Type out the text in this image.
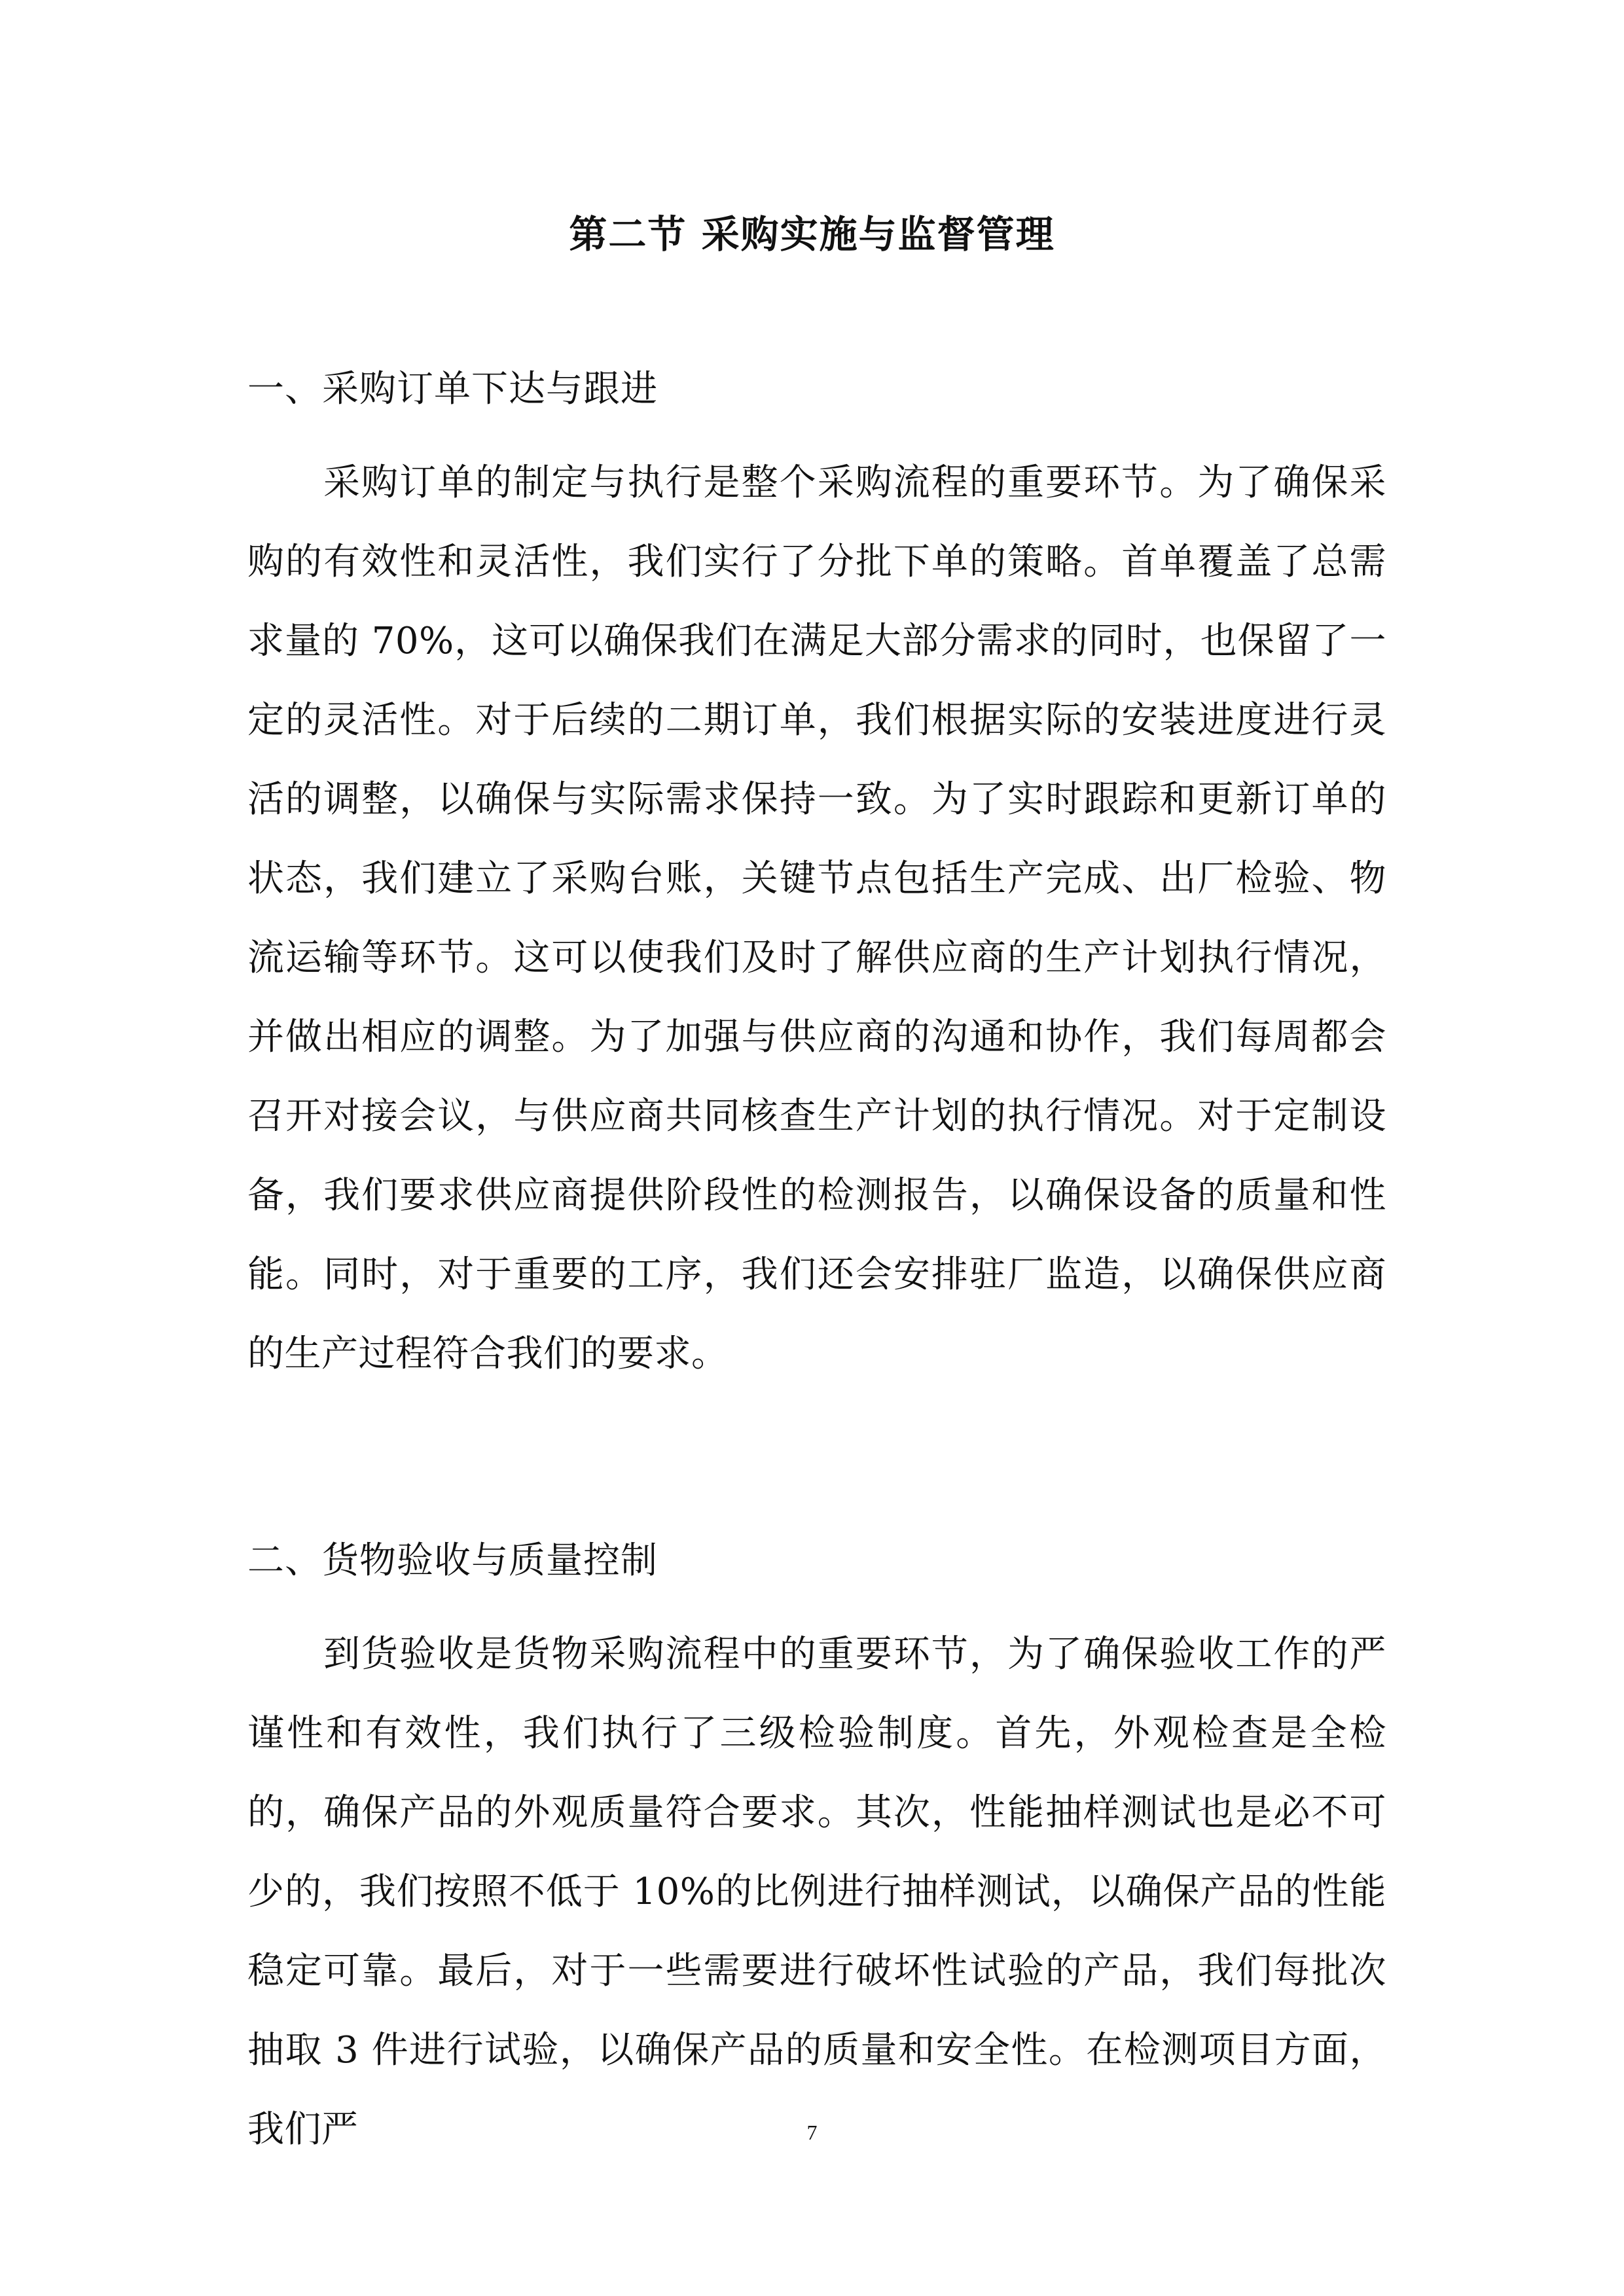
第二节 采购实施与监督管理
一、采购订单下达与跟进

采购订单的制定与执行是整个采购流程的重要环节。为了确保采购的有效性和灵活性，我们实行了分批下单的策略。首单覆盖了总需求量的 70%，这可以确保我们在满足大部分需求的同时，也保留了一定的灵活性。对于后续的二期订单，我们根据实际的安装进度进行灵活的调整，以确保与实际需求保持一致。为了实时跟踪和更新订单的状态，我们建立了采购台账，关键节点包括生产完成、出厂检验、物流运输等环节。这可以使我们及时了解供应商的生产计划执行情况，并做出相应的调整。为了加强与供应商的沟通和协作，我们每周都会召开对接会议，与供应商共同核查生产计划的执行情况。对于定制设备，我们要求供应商提供阶段性的检测报告，以确保设备的质量和性能。同时，对于重要的工序，我们还会安排驻厂监造，以确保供应商的生产过程符合我们的要求。

二、货物验收与质量控制

到货验收是货物采购流程中的重要环节，为了确保验收工作的严谨性和有效性，我们执行了三级检验制度。首先，外观检查是全检的，确保产品的外观质量符合要求。其次，性能抽样测试也是必不可少的，我们按照不低于 10%的比例进行抽样测试，以确保产品的性能稳定可靠。最后，对于一些需要进行破坏性试验的产品，我们每批次抽取 3 件进行试验，以确保产品的质量和安全性。在检测项目方面，我们严	7
